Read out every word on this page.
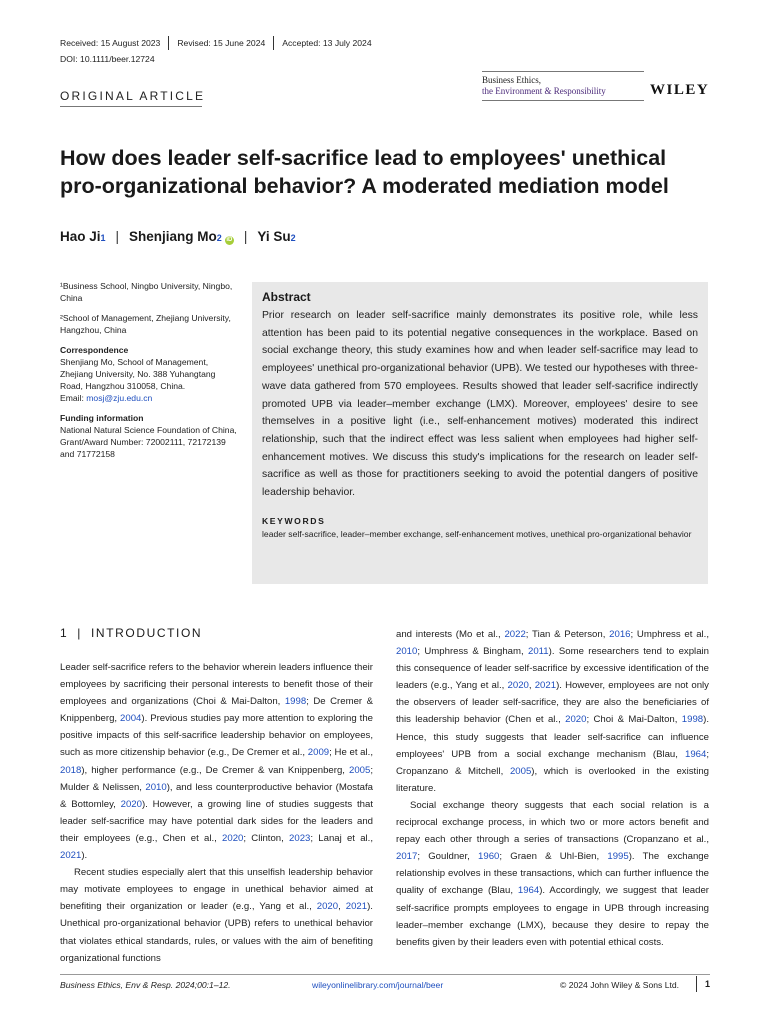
Received: 15 August 2023	Revised: 15 June 2024	Accepted: 13 July 2024
DOI: 10.1111/beer.12724
Business Ethics,
the Environment & Responsibility	WILEY
ORIGINAL ARTICLE
How does leader self-sacrifice lead to employees' unethical pro-organizational behavior? A moderated mediation model
Hao Ji 1 | Shenjiang Mo 2 iD | Yi Su 2
¹Business School, Ningbo University, Ningbo, China
²School of Management, Zhejiang University, Hangzhou, China
Correspondence
Shenjiang Mo, School of Management, Zhejiang University, No. 388 Yuhangtang Road, Hangzhou 310058, China.
Email: mosj@zju.edu.cn
Funding information
National Natural Science Foundation of China, Grant/Award Number: 72002111, 72172139 and 71772158
Abstract
Prior research on leader self-sacrifice mainly demonstrates its positive role, while less attention has been paid to its potential negative consequences in the workplace. Based on social exchange theory, this study examines how and when leader self-sacrifice may lead to employees' unethical pro-organizational behavior (UPB). We tested our hypotheses with three-wave data gathered from 570 employees. Results showed that leader self-sacrifice indirectly promoted UPB via leader–member exchange (LMX). Moreover, employees' desire to see themselves in a positive light (i.e., self-enhancement motives) moderated this indirect relationship, such that the indirect effect was less salient when employees had higher self-enhancement motives. We discuss this study's implications for the research on leader self-sacrifice as well as those for practitioners seeking to avoid the potential dangers of positive leadership behavior.
KEYWORDS
leader self-sacrifice, leader–member exchange, self-enhancement motives, unethical pro-organizational behavior
1 | INTRODUCTION

Leader self-sacrifice refers to the behavior wherein leaders influence their employees by sacrificing their personal interests to benefit those of their employees and organizations (Choi & Mai-Dalton, 1998; De Cremer & Knippenberg, 2004). Previous studies pay more attention to exploring the positive impacts of this self-sacrifice leadership behavior on employees, such as more citizenship behavior (e.g., De Cremer et al., 2009; He et al., 2018), higher performance (e.g., De Cremer & van Knippenberg, 2005; Mulder & Nelissen, 2010), and less counterproductive behavior (Mostafa & Bottomley, 2020). However, a growing line of studies suggests that leader self-sacrifice may have potential dark sides for the leaders and their employees (e.g., Chen et al., 2020; Clinton, 2023; Lanaj et al., 2021).

Recent studies especially alert that this unselfish leadership behavior may motivate employees to engage in unethical behavior aimed at benefiting their organization or leader (e.g., Yang et al., 2020, 2021). Unethical pro-organizational behavior (UPB) refers to unethical behavior that violates ethical standards, rules, or values with the aim of benefiting organizational functions

and interests (Mo et al., 2022; Tian & Peterson, 2016; Umphress et al., 2010; Umphress & Bingham, 2011). Some researchers tend to explain this consequence of leader self-sacrifice by excessive identification of the leaders (e.g., Yang et al., 2020, 2021). However, employees are not only the observers of leader self-sacrifice, they are also the beneficiaries of this leadership behavior (Chen et al., 2020; Choi & Mai-Dalton, 1998). Hence, this study suggests that leader self-sacrifice can influence employees' UPB from a social exchange mechanism (Blau, 1964; Cropanzano & Mitchell, 2005), which is overlooked in the existing literature.

Social exchange theory suggests that each social relation is a reciprocal exchange process, in which two or more actors benefit and repay each other through a series of transactions (Cropanzano et al., 2017; Gouldner, 1960; Graen & Uhl-Bien, 1995). The exchange relationship evolves in these transactions, which can further influence the quality of exchange (Blau, 1964). Accordingly, we suggest that leader self-sacrifice prompts employees to engage in UPB through increasing leader–member exchange (LMX), because they desire to repay the benefits given by their leaders even with potential ethical costs.

Business Ethics, Env & Resp. 2024;00:1–12.	wileyonlinelibrary.com/journal/beer	© 2024 John Wiley & Sons Ltd.	1
